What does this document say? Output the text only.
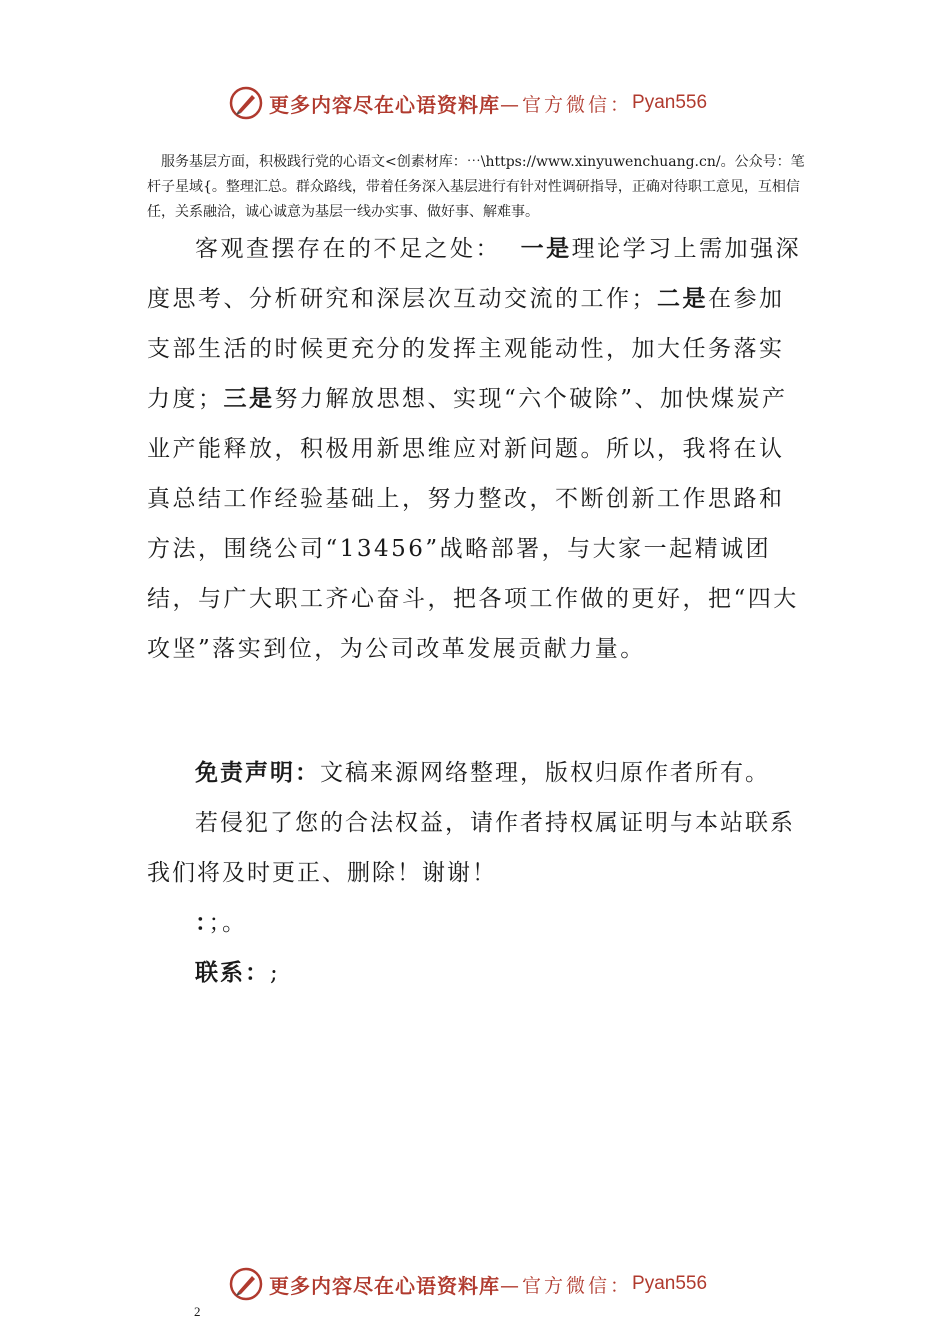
更多内容尽在心语资料库 —官方微信： Pyan556

服务基层方面，积极践行党的心语文<创素材库：⋯\https://www.xinyuwenchuang.cn/。公众号：笔杆子星域{。整理汇总。群众路线，带着任务深入基层进行有针对性调研指导，正确对待职工意见，互相信任，关系融洽，诚心诚意为基层一线办实事、做好事、解难事。

客观查摆存在的不足之处： 一是理论学习上需加强深度思考、分析研究和深层次互动交流的工作；二是在参加支部生活的时候更充分的发挥主观能动性，加大任务落实力度；三是努力解放思想、实现“六个破除”、加快煤炭产业产能释放，积极用新思维应对新问题。所以，我将在认真总结工作经验基础上，努力整改，不断创新工作思路和方法，围绕公司“13456”战略部署，与大家一起精诚团结，与广大职工齐心奋斗，把各项工作做的更好，把“四大攻坚”落实到位，为公司改革发展贡献力量。

免责声明：文稿来源网络整理，版权归原作者所有。

若侵犯了您的合法权益，请作者持权属证明与本站联系

我们将及时更正、删除！谢谢！

：；。

联系：;

更多内容尽在心语资料库 —官方微信： Pyan556
2
